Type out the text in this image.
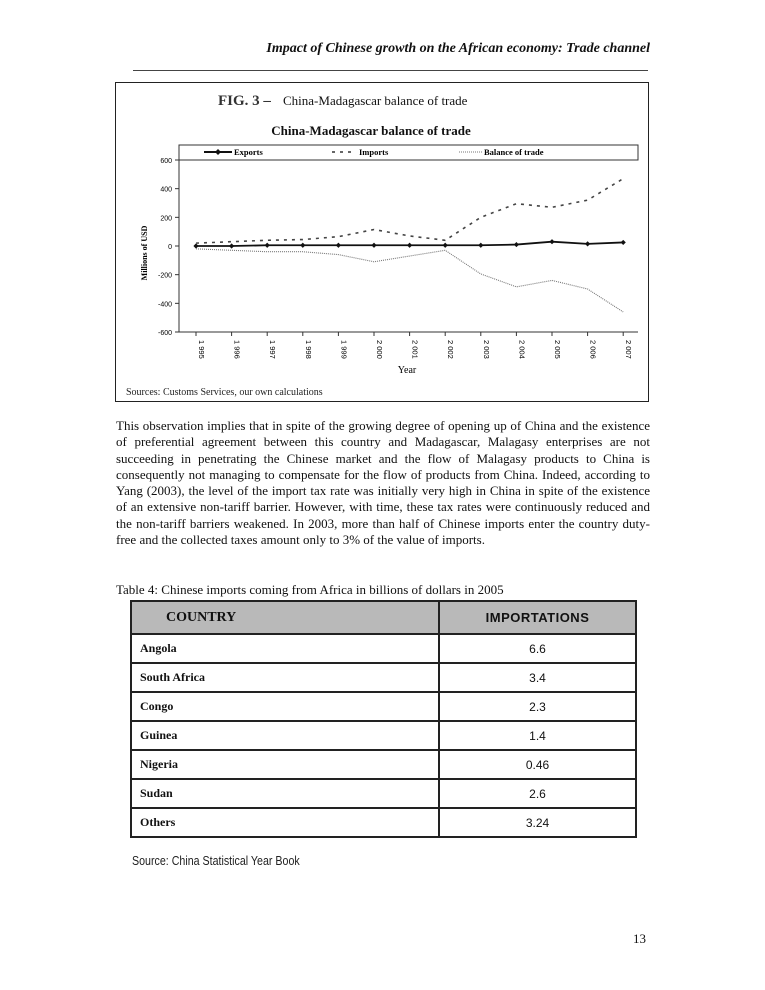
Impact of Chinese growth on the African economy: Trade channel
FIG. 3 – China-Madagascar balance of trade
China-Madagascar balance of trade
Exports	Imports	Balance of trade
Millions of USD
Year
600
400
200
0
-200
-400
-600
1 995	1 996	1 997	1 998	1 999	2 000	2 001	2 002	2 003	2 004	2 005	2 006	2 007
Sources: Customs Services, our own calculations
This observation implies that in spite of the growing degree of opening up of China and the existence of preferential agreement between this country and Madagascar, Malagasy enterprises are not succeeding in penetrating the Chinese market and the flow of Malagasy products to China is consequently not managing to compensate for the flow of products from China. Indeed, according to Yang (2003), the level of the import tax rate was initially very high in China in spite of the existence of an extensive non-tariff barrier. However, with time, these tax rates were continuously reduced and the non-tariff barriers weakened. In 2003, more than half of Chinese imports enter the country duty-free and the collected taxes amount only to 3% of the value of imports.
Table 4: Chinese imports coming from Africa in billions of dollars in 2005
COUNTRY	IMPORTATIONS
Angola	6.6
South Africa	3.4
Congo	2.3
Guinea	1.4
Nigeria	0.46
Sudan	2.6
Others	3.24
Source: China Statistical Year Book
13
